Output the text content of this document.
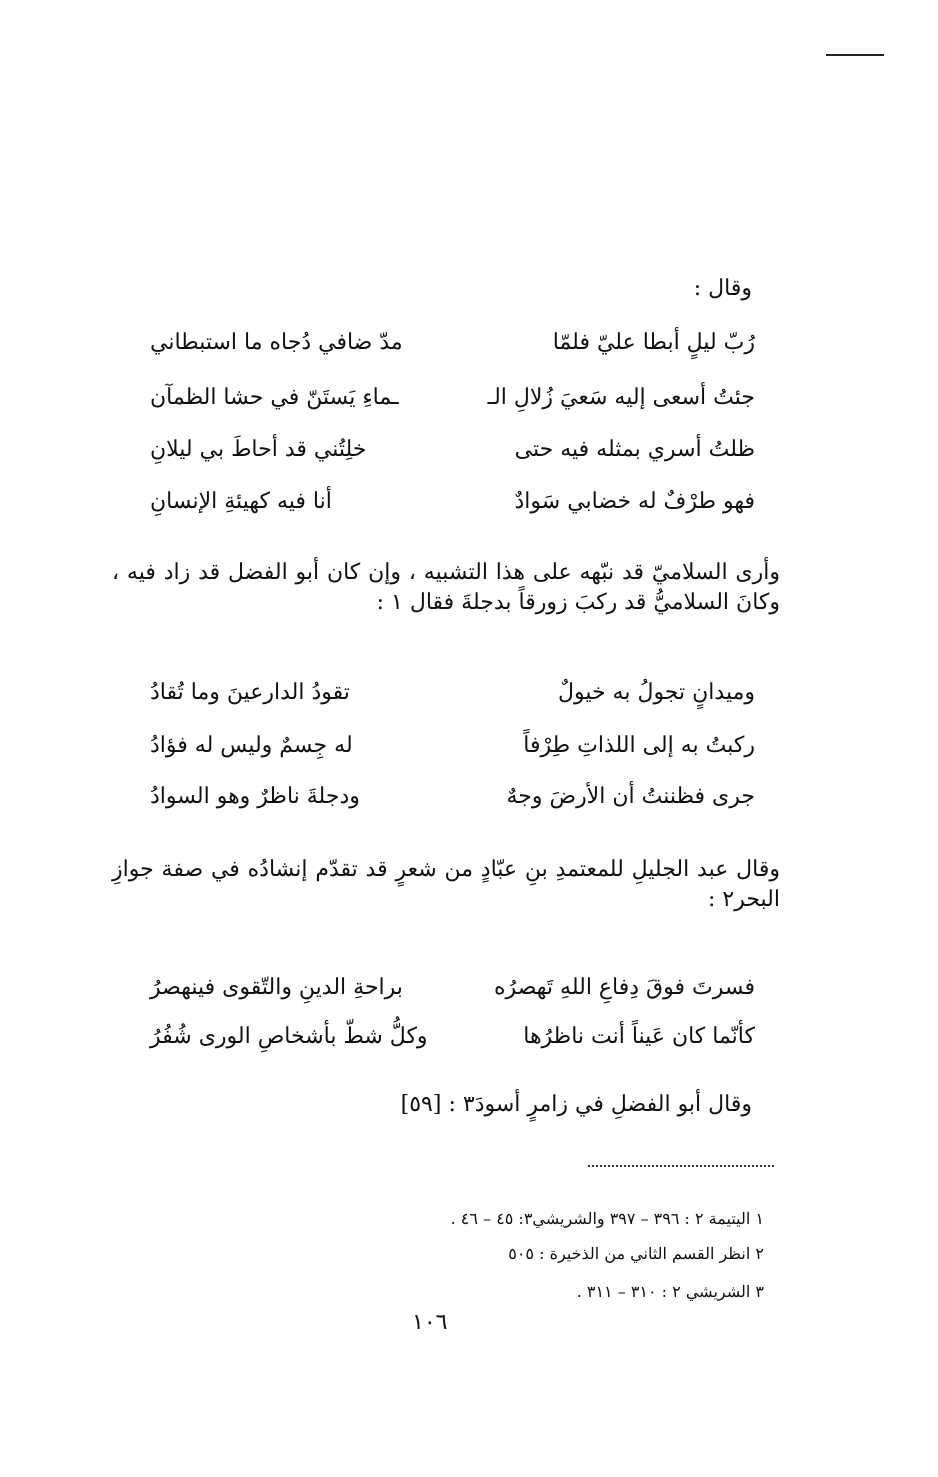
وقال :
رُبّ ليلٍ أبطا عليّ فلمّا
مدّ ضافي دُجاه ما استبطاني
جئتُ أسعى إليه سَعيَ زُلالِ الـ
ـماءِ يَستَنّ في حشا الظمآن
ظلتُ أسري بمثله فيه حتى
خلِتُني قد أحاطَ بي ليلانِ
فهو طرْفٌ له خضابي سَوادٌ
أنا فيه كهيئةِ الإنسانِ
وأرى السلاميّ قد نبّهه على هذا التشبيه ، وإن كان أبو الفضل قد زاد فيه ، وكانَ السلاميُّ قد ركبَ زورقاً بدجلةَ فقال ١ :
وميدانٍ تجولُ به خيولٌ
تقودُ الدارعينَ وما تُقادُ
ركبتُ به إلى اللذاتِ طِرْفاً
له جِسمٌ وليس له فؤادُ
جرى فظننتُ أن الأرضَ وجهٌ
ودجلةَ ناظرٌ وهو السوادُ
وقال عبد الجليلِ للمعتمدِ بنِ عبّادٍ من شعرٍ قد تقدّم إنشادُه في صفة جوازِ البحر٢ :
فسرتَ فوقَ دِفاعِ اللهِ تَهصرُه
براحةِ الدينِ والتّقوى فينهصرُ
كأنّما كان عَيناً أنت ناظرُها
وكلُّ شطّ بأشخاصِ الورى شُفُرُ
وقال أبو الفضلِ في زامرٍ أسودَ٣ : [٥٩]
١ اليتيمة ٢ : ٣٩٦ – ٣٩٧ والشريشي٣: ٤٥ – ٤٦ .
٢ انظر القسم الثاني من الذخيرة : ٥٠٥
٣ الشريشي ٢ : ٣١٠ – ٣١١ .
١٠٦
